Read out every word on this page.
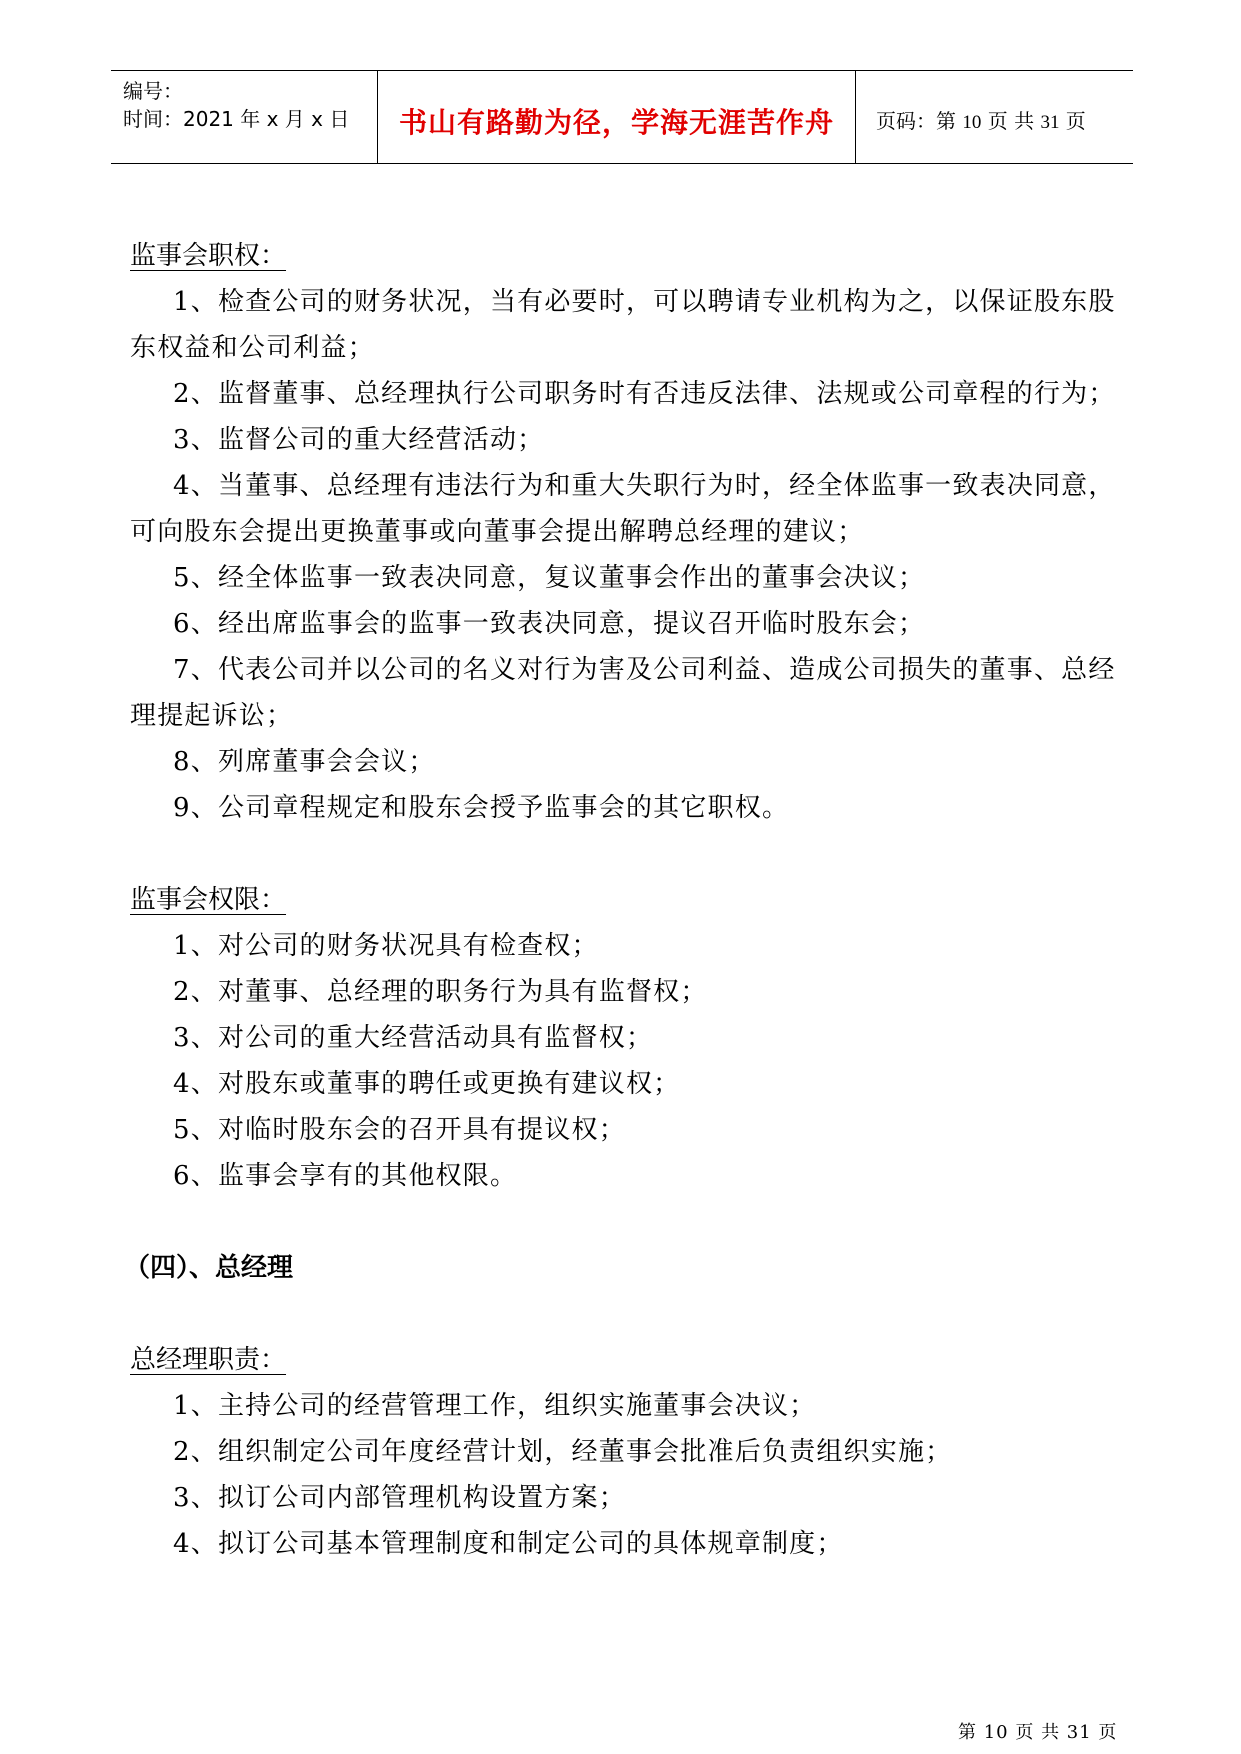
编号：
时间：2021 年 x 月 x 日	书山有路勤为径，学海无涯苦作舟	页码：第 10 页 共 31 页
监事会职权：
1、检查公司的财务状况，当有必要时，可以聘请专业机构为之，以保证股东股东权益和公司利益；
2、监督董事、总经理执行公司职务时有否违反法律、法规或公司章程的行为；
3、监督公司的重大经营活动；
4、当董事、总经理有违法行为和重大失职行为时，经全体监事一致表决同意，可向股东会提出更换董事或向董事会提出解聘总经理的建议；
5、经全体监事一致表决同意，复议董事会作出的董事会决议；
6、经出席监事会的监事一致表决同意，提议召开临时股东会；
7、代表公司并以公司的名义对行为害及公司利益、造成公司损失的董事、总经理提起诉讼；
8、列席董事会会议；
9、公司章程规定和股东会授予监事会的其它职权。
监事会权限：
1、对公司的财务状况具有检查权；
2、对董事、总经理的职务行为具有监督权；
3、对公司的重大经营活动具有监督权；
4、对股东或董事的聘任或更换有建议权；
5、对临时股东会的召开具有提议权；
6、监事会享有的其他权限。
（四）、总经理
总经理职责：
1、主持公司的经营管理工作，组织实施董事会决议；
2、组织制定公司年度经营计划，经董事会批准后负责组织实施；
3、拟订公司内部管理机构设置方案；
4、拟订公司基本管理制度和制定公司的具体规章制度；
第 10 页 共 31 页
